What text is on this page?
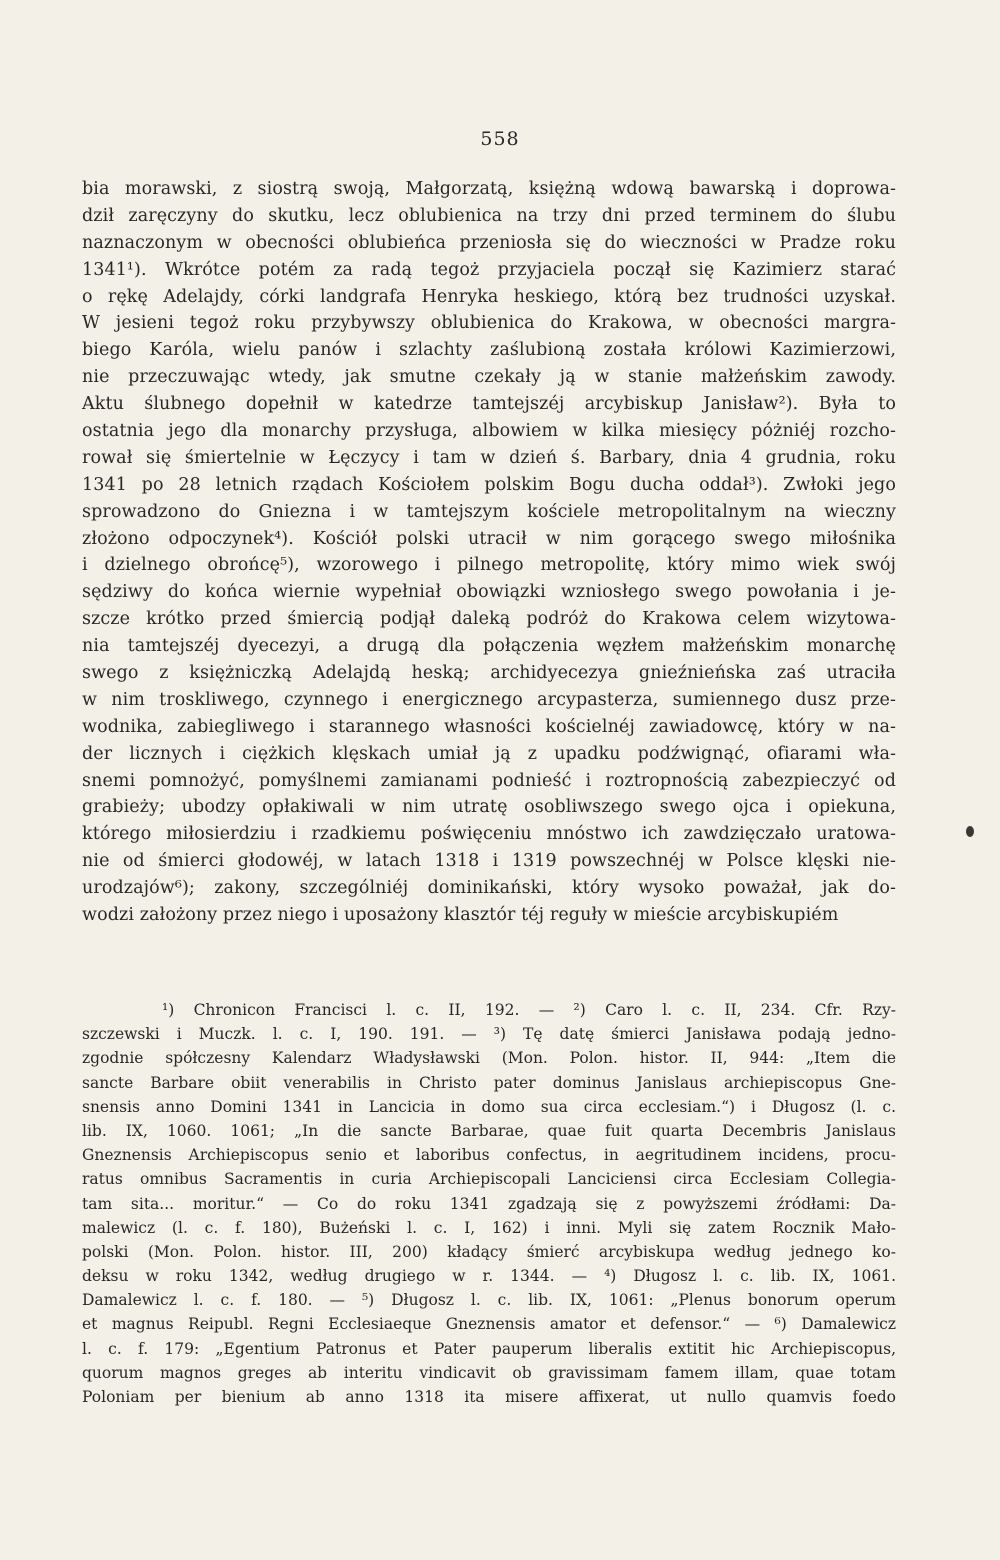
558
bia morawski, z siostrą swoją, Małgorzatą, księżną wdową bawarską i doprowa-
dził zaręczyny do skutku, lecz oblubienica na trzy dni przed terminem do ślubu
naznaczonym w obecności oblubieńca przeniosła się do wieczności w Pradze roku
1341¹). Wkrótce potém za radą tegoż przyjaciela począł się Kazimierz starać
o rękę Adelajdy, córki landgrafa Henryka heskiego, którą bez trudności uzyskał.
W jesieni tegoż roku przybywszy oblubienica do Krakowa, w obecności margra-
biego Karóla, wielu panów i szlachty zaślubioną została królowi Kazimierzowi,
nie przeczuwając wtedy, jak smutne czekały ją w stanie małżeńskim zawody.
Aktu ślubnego dopełnił w katedrze tamtejszéj arcybiskup Janisław²). Była to
ostatnia jego dla monarchy przysługa, albowiem w kilka miesięcy póżniéj rozcho-
rował się śmiertelnie w Łęczycy i tam w dzień ś. Barbary, dnia 4 grudnia, roku
1341 po 28 letnich rządach Kościołem polskim Bogu ducha oddał³). Zwłoki jego
sprowadzono do Gniezna i w tamtejszym kościele metropolitalnym na wieczny
złożono odpoczynek⁴). Kościół polski utracił w nim gorącego swego miłośnika
i dzielnego obrońcę⁵), wzorowego i pilnego metropolitę, który mimo wiek swój
sędziwy do końca wiernie wypełniał obowiązki wzniosłego swego powołania i je-
szcze krótko przed śmiercią podjął daleką podróż do Krakowa celem wizytowa-
nia tamtejszéj dyecezyi, a drugą dla połączenia węzłem małżeńskim monarchę
swego z księżniczką Adelajdą heską; archidyecezya gnieźnieńska zaś utraciła
w nim troskliwego, czynnego i energicznego arcypasterza, sumiennego dusz prze-
wodnika, zabiegliwego i starannego własności kościelnéj zawiadowcę, który w na-
der licznych i ciężkich klęskach umiał ją z upadku podźwignąć, ofiarami wła-
snemi pomnożyć, pomyślnemi zamianami podnieść i roztropnością zabezpieczyć od
grabieży; ubodzy opłakiwali w nim utratę osobliwszego swego ojca i opiekuna,
którego miłosierdziu i rzadkiemu poświęceniu mnóstwo ich zawdzięczało uratowa-
nie od śmierci głodowéj, w latach 1318 i 1319 powszechnéj w Polsce klęski nie-
urodzajów⁶); zakony, szczególniéj dominikański, który wysoko poważał, jak do-
wodzi założony przez niego i uposażony klasztór téj reguły w mieście arcybiskupiém
¹) Chronicon Francisci l. c. II, 192. — ²) Caro l. c. II, 234. Cfr. Rzy-
szczewski i Muczk. l. c. I, 190. 191. — ³) Tę datę śmierci Janisława podają jedno-
zgodnie spółczesny Kalendarz Władysławski (Mon. Polon. histor. II, 944: „Item die
sancte Barbare obiit venerabilis in Christo pater dominus Janislaus archiepiscopus Gne-
snensis anno Domini 1341 in Lancicia in domo sua circa ecclesiam.“) i Długosz (l. c.
lib. IX, 1060. 1061; „In die sancte Barbarae, quae fuit quarta Decembris Janislaus
Gneznensis Archiepiscopus senio et laboribus confectus, in aegritudinem incidens, procu-
ratus omnibus Sacramentis in curia Archiepiscopali Lanciciensi circa Ecclesiam Collegia-
tam sita... moritur.“ — Co do roku 1341 zgadzają się z powyższemi źródłami: Da-
malewicz (l. c. f. 180), Bużeński l. c. I, 162) i inni. Myli się zatem Rocznik Mało-
polski (Mon. Polon. histor. III, 200) kładący śmierć arcybiskupa według jednego ko-
deksu w roku 1342, według drugiego w r. 1344. — ⁴) Długosz l. c. lib. IX, 1061.
Damalewicz l. c. f. 180. — ⁵) Długosz l. c. lib. IX, 1061: „Plenus bonorum operum
et magnus Reipubl. Regni Ecclesiaeque Gneznensis amator et defensor.“ — ⁶) Damalewicz
l. c. f. 179: „Egentium Patronus et Pater pauperum liberalis extitit hic Archiepiscopus,
quorum magnos greges ab interitu vindicavit ob gravissimam famem illam, quae totam
Poloniam per bienium ab anno 1318 ita misere affixerat, ut nullo quamvis foedo
